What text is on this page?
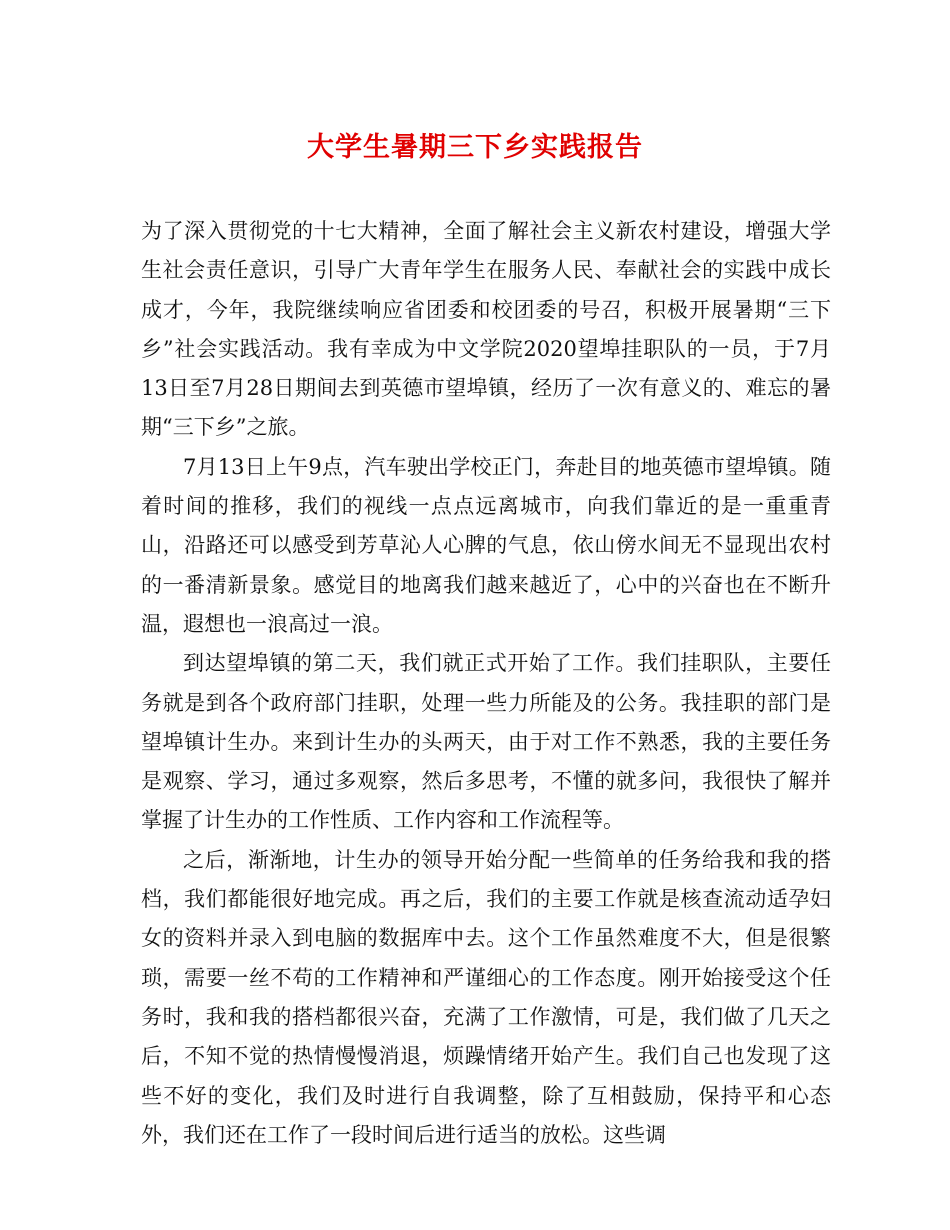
大学生暑期三下乡实践报告

为了深入贯彻党的十七大精神，全面了解社会主义新农村建设，增强大学生社会责任意识，引导广大青年学生在服务人民、奉献社会的实践中成长成才，今年，我院继续响应省团委和校团委的号召，积极开展暑期“三下乡”社会实践活动。我有幸成为中文学院2020望埠挂职队的一员，于7月13日至7月28日期间去到英德市望埠镇，经历了一次有意义的、难忘的暑期“三下乡”之旅。

7月13日上午9点，汽车驶出学校正门，奔赴目的地英德市望埠镇。随着时间的推移，我们的视线一点点远离城市，向我们靠近的是一重重青山，沿路还可以感受到芳草沁人心脾的气息，依山傍水间无不显现出农村的一番清新景象。感觉目的地离我们越来越近了，心中的兴奋也在不断升温，遐想也一浪高过一浪。

到达望埠镇的第二天，我们就正式开始了工作。我们挂职队，主要任务就是到各个政府部门挂职，处理一些力所能及的公务。我挂职的部门是望埠镇计生办。来到计生办的头两天，由于对工作不熟悉，我的主要任务是观察、学习，通过多观察，然后多思考，不懂的就多问，我很快了解并掌握了计生办的工作性质、工作内容和工作流程等。

之后，渐渐地，计生办的领导开始分配一些简单的任务给我和我的搭档，我们都能很好地完成。再之后，我们的主要工作就是核查流动适孕妇女的资料并录入到电脑的数据库中去。这个工作虽然难度不大，但是很繁琐，需要一丝不苟的工作精神和严谨细心的工作态度。刚开始接受这个任务时，我和我的搭档都很兴奋，充满了工作激情，可是，我们做了几天之后，不知不觉的热情慢慢消退，烦躁情绪开始产生。我们自己也发现了这些不好的变化，我们及时进行自我调整，除了互相鼓励，保持平和心态外，我们还在工作了一段时间后进行适当的放松。这些调
